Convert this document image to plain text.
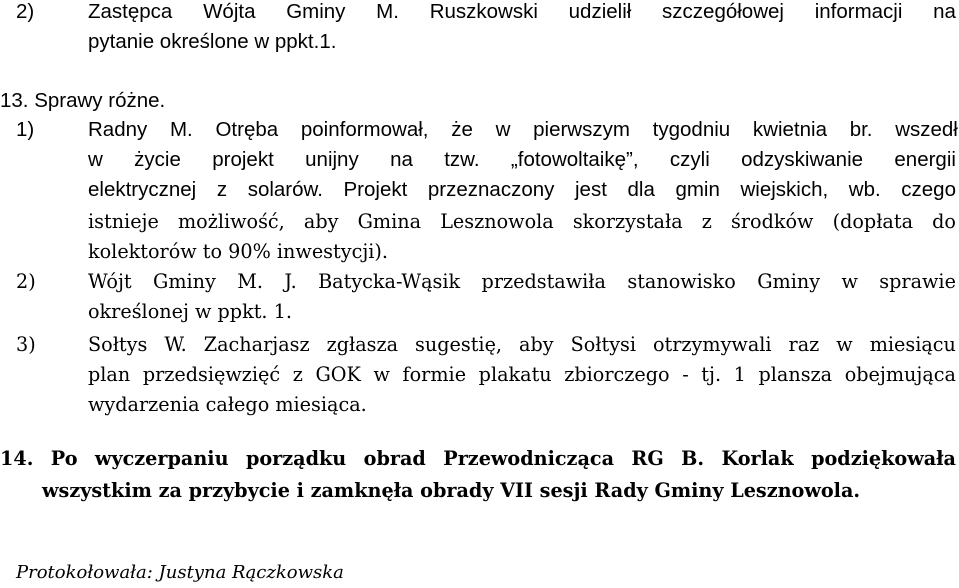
2)	Zastępca Wójta Gminy M. Ruszkowski udzielił szczegółowej informacji na
pytanie określone w ppkt.1.
13. Sprawy różne.
1)	Radny M. Otręba poinformował, że w pierwszym tygodniu kwietnia br. wszedł
w życie projekt unijny na tzw. „fotowoltaikę”, czyli odzyskiwanie energii
elektrycznej z solarów. Projekt przeznaczony jest dla gmin wiejskich, wb. czego
istnieje możliwość, aby Gmina Lesznowola skorzystała z środków (dopłata do
kolektorów to 90% inwestycji).
2)	Wójt Gminy M. J. Batycka-Wąsik przedstawiła stanowisko Gminy w sprawie
określonej w ppkt. 1.
3)	Sołtys W. Zacharjasz zgłasza sugestię, aby Sołtysi otrzymywali raz w miesiącu
plan przedsięwzięć z GOK w formie plakatu zbiorczego - tj. 1 plansza obejmująca
wydarzenia całego miesiąca.
14. Po wyczerpaniu porządku obrad Przewodnicząca RG B. Korlak podziękowała
wszystkim za przybycie i zamknęła obrady VII sesji Rady Gminy Lesznowola.
Protokołowała: Justyna Rączkowska
